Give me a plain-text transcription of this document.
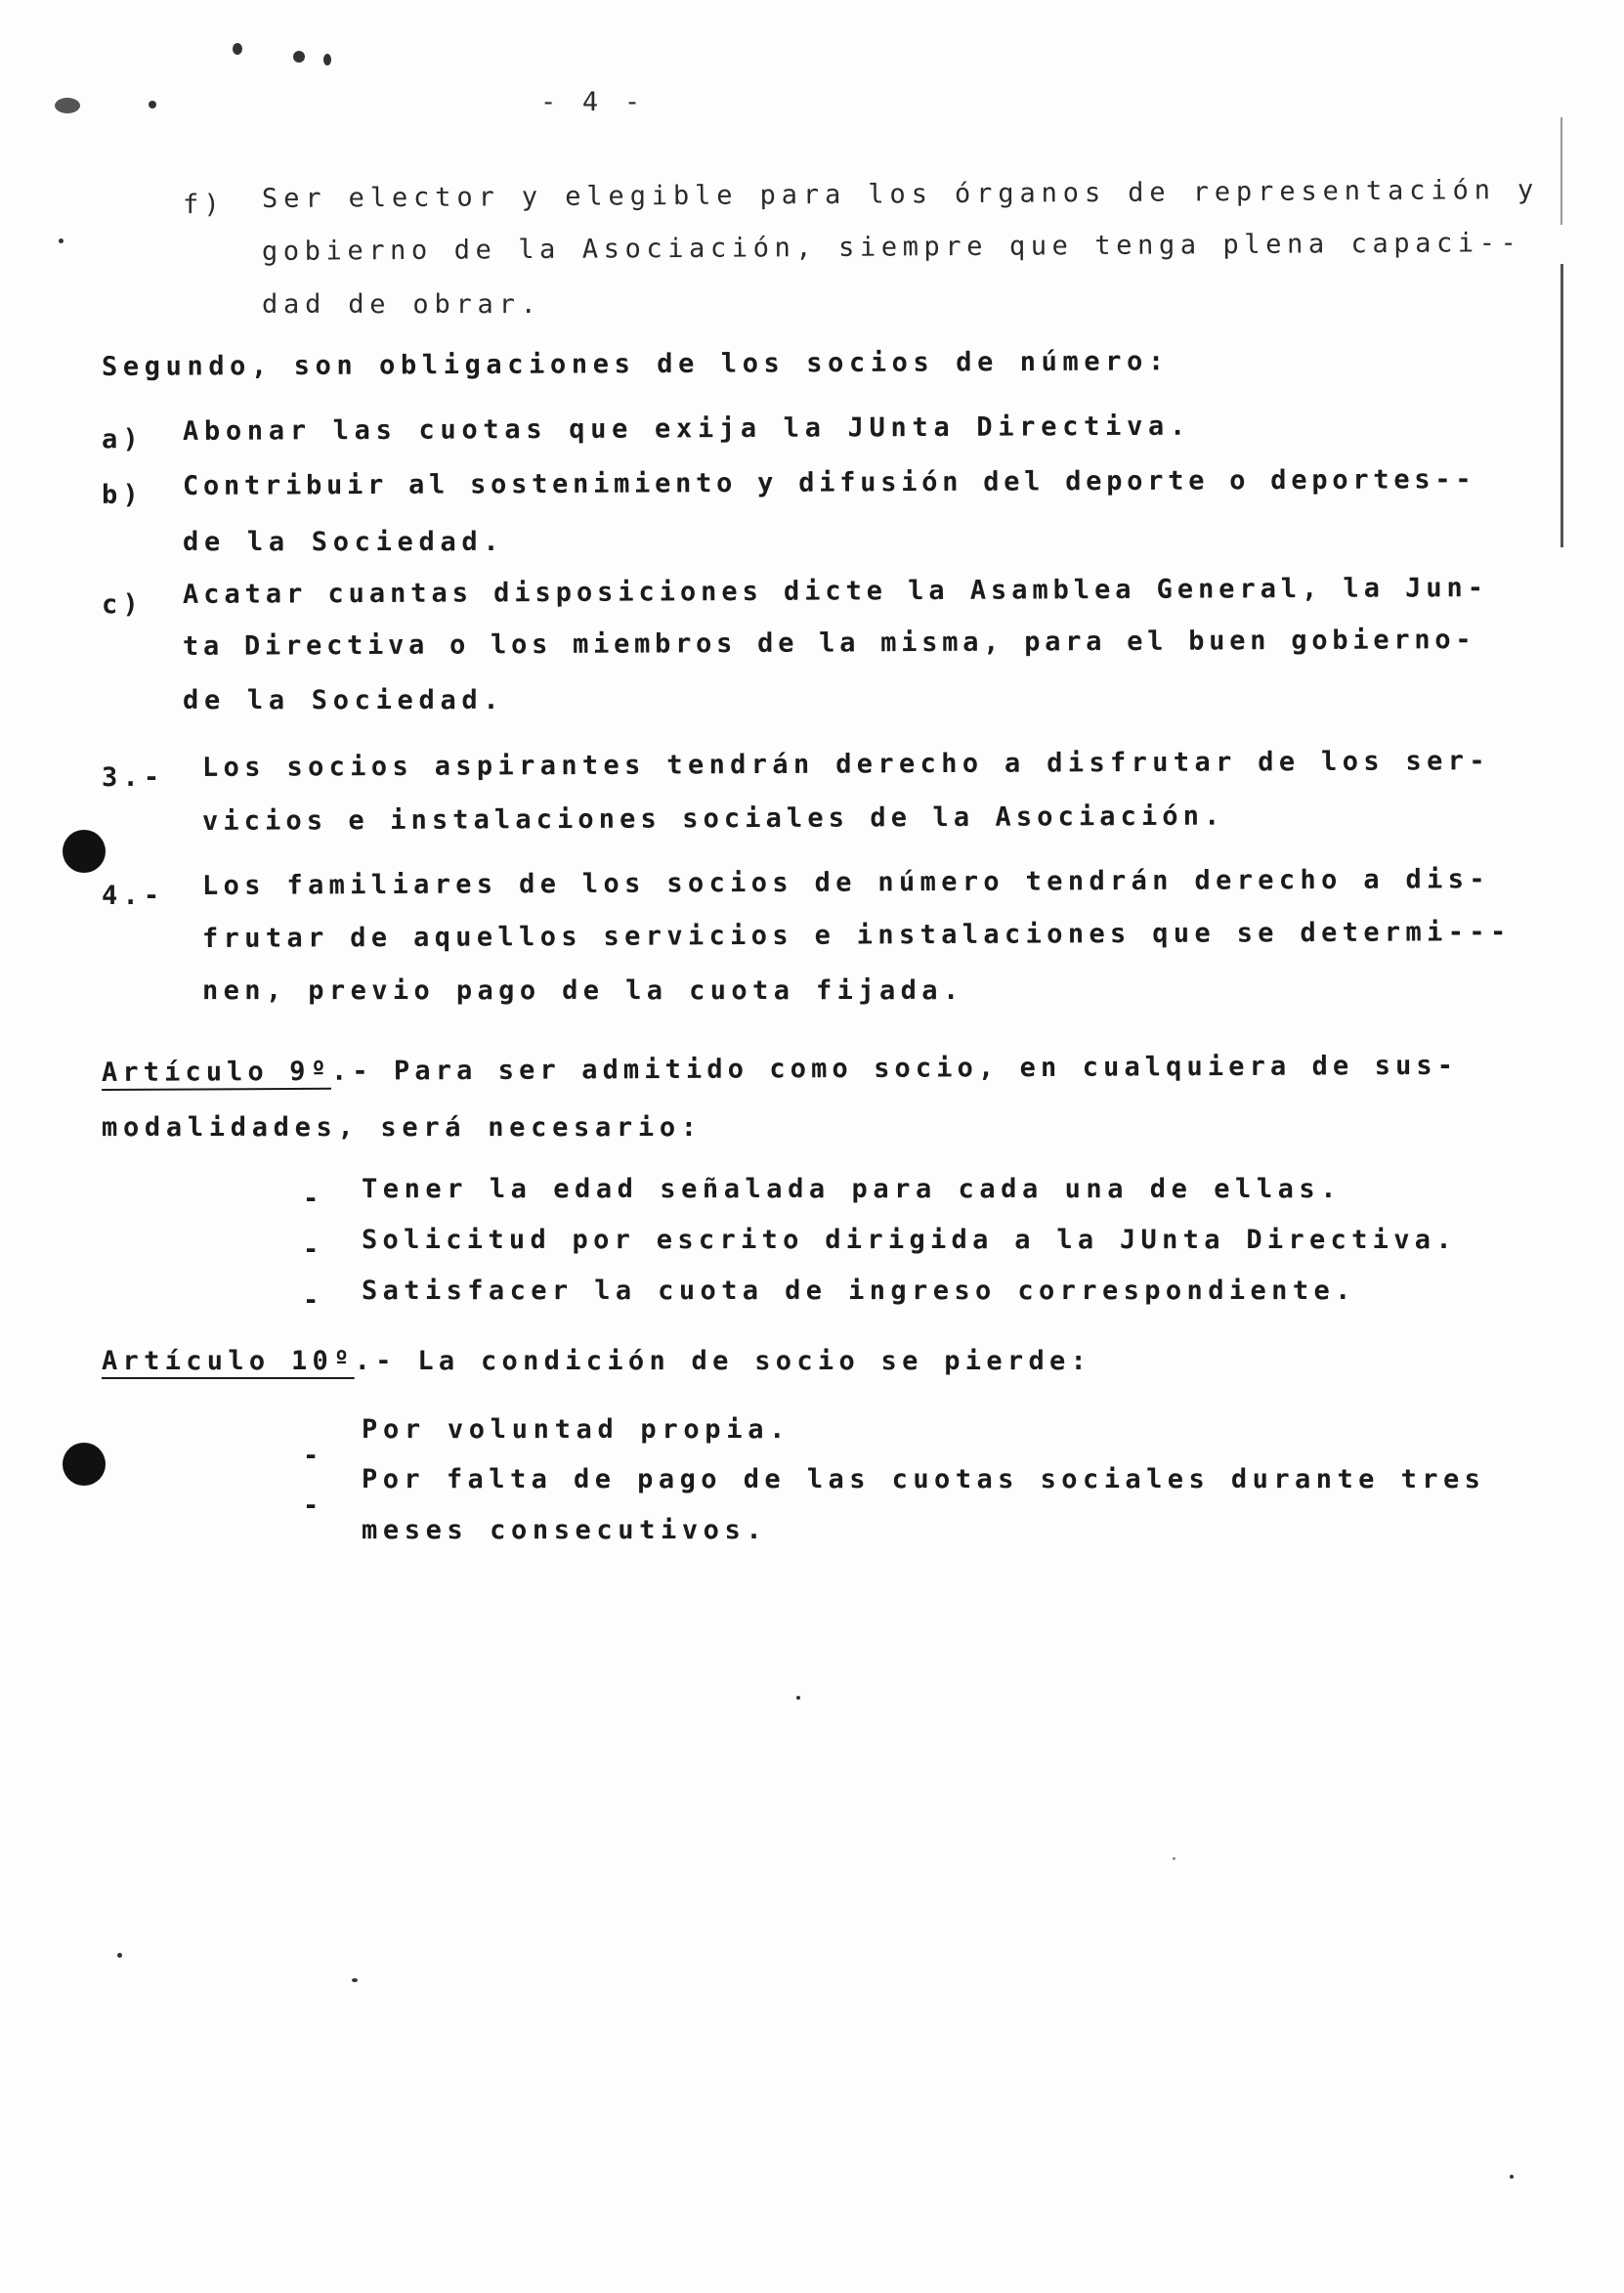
- 4 -
f) Ser elector y elegible para los órganos de representación y
gobierno de la Asociación, siempre que tenga plena capaci--
dad de obrar.
Segundo, son obligaciones de los socios de número:
a) Abonar las cuotas que exija la JUnta Directiva.
b) Contribuir al sostenimiento y difusión del deporte o deportes--
de la Sociedad.
c) Acatar cuantas disposiciones dicte la Asamblea General, la Jun-
ta Directiva o los miembros de la misma, para el buen gobierno-
de la Sociedad.
3.- Los socios aspirantes tendrán derecho a disfrutar de los ser-
vicios e instalaciones sociales de la Asociación.
4.- Los familiares de los socios de número tendrán derecho a dis-
frutar de aquellos servicios e instalaciones que se determi---
nen, previo pago de la cuota fijada.
Artículo 9º.- Para ser admitido como socio, en cualquiera de sus-
modalidades, será necesario:
- Tener la edad señalada para cada una de ellas.
- Solicitud por escrito dirigida a la JUnta Directiva.
- Satisfacer la cuota de ingreso correspondiente.
Artículo 10º.- La condición de socio se pierde:
-
Por voluntad propia.
-
Por falta de pago de las cuotas sociales durante tres
meses consecutivos.
